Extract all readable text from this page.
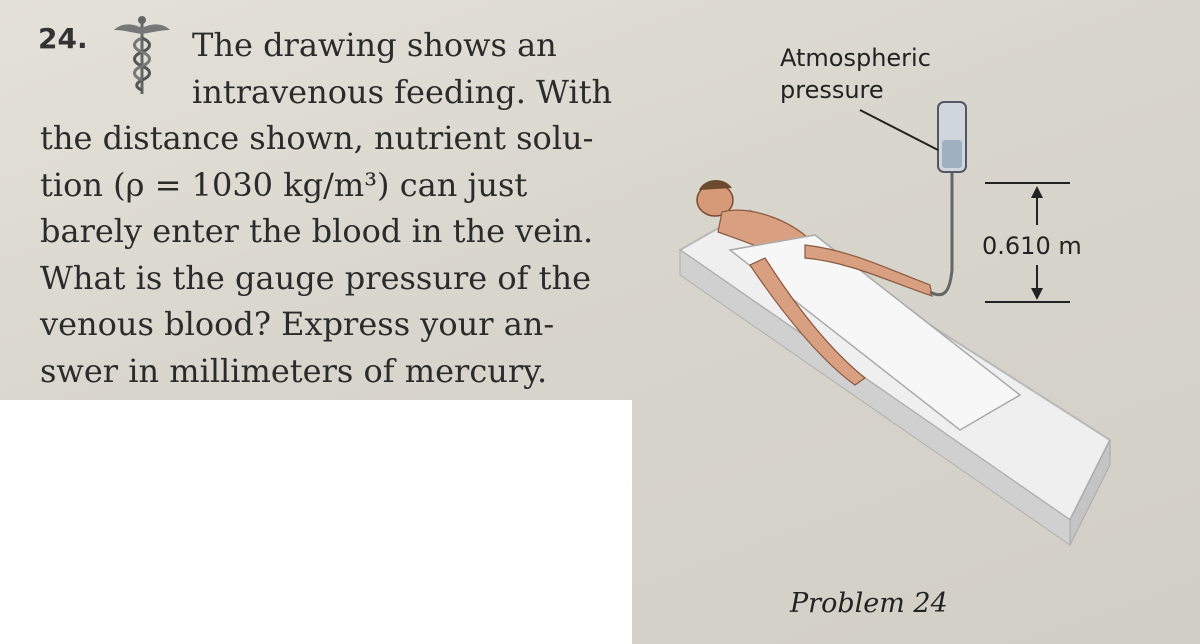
24.	The drawing shows an
intravenous feeding. With
the distance shown, nutrient solu-
tion (ρ = 1030 kg/m³) can just
barely enter the blood in the vein.
What is the gauge pressure of the
venous blood? Express your an-
swer in millimeters of mercury.
Atmospheric
pressure
0.610 m
Problem 24
